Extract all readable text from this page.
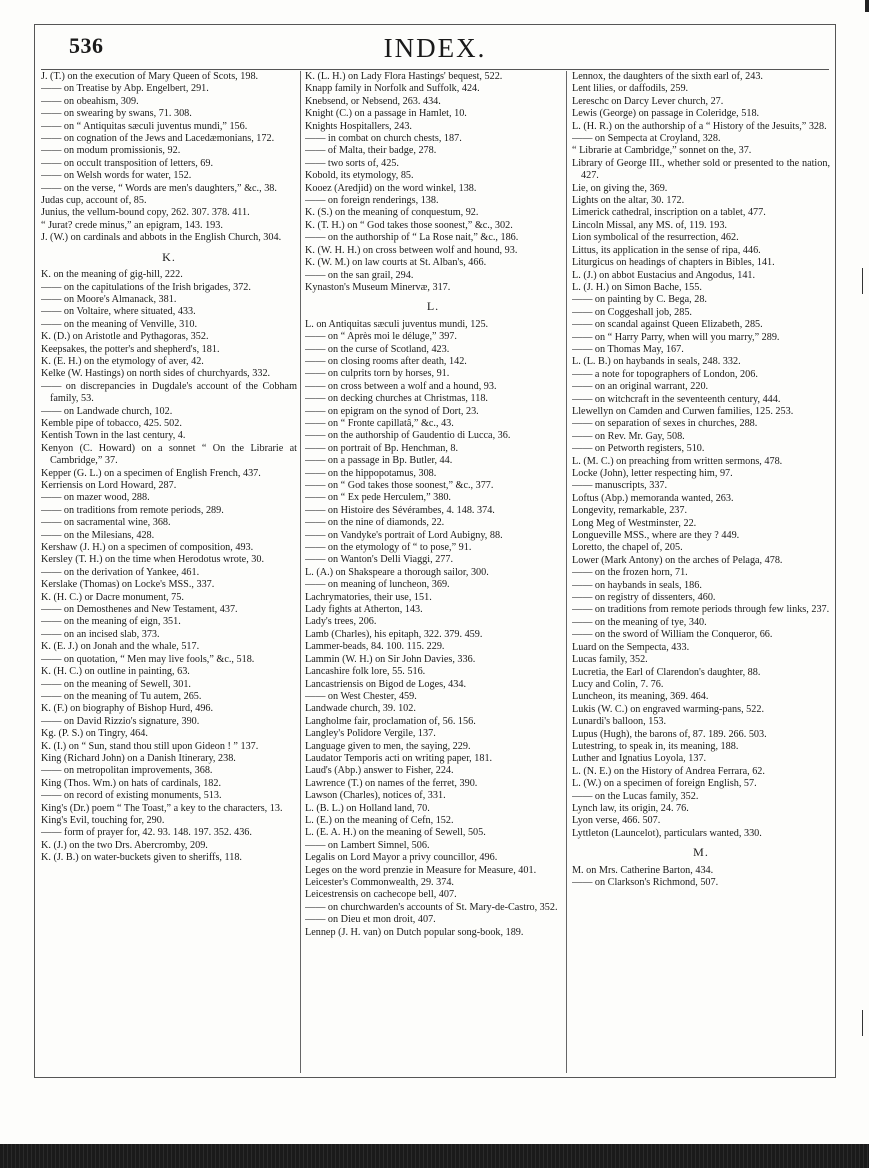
536	INDEX.
J. (T.) on the execution of Mary Queen of Scots, 198.
—— on Treatise by Abp. Engelbert, 291.
—— on obeahism, 309.
—— on swearing by swans, 71. 308.
—— on “ Antiquitas sæculi juventus mundi,” 156.
—— on cognation of the Jews and Lacedæmonians, 172.
—— on modum promissionis, 92.
—— on occult transposition of letters, 69.
—— on Welsh words for water, 152.
—— on the verse, “ Words are men's daughters,” &c., 38.
Judas cup, account of, 85.
Junius, the vellum-bound copy, 262. 307. 378. 411.
“ Jurat? crede minus,” an epigram, 143. 193.
J. (W.) on cardinals and abbots in the English Church, 304.
K.
K. on the meaning of gig-hill, 222.
—— on the capitulations of the Irish brigades, 372.
—— on Moore's Almanack, 381.
—— on Voltaire, where situated, 433.
—— on the meaning of Venville, 310.
K. (D.) on Aristotle and Pythagoras, 352.
Keepsakes, the potter's and shepherd's, 181.
K. (E. H.) on the etymology of aver, 42.
Kelke (W. Hastings) on north sides of churchyards, 332.
—— on discrepancies in Dugdale's account of the Cobham family, 53.
—— on Landwade church, 102.
Kemble pipe of tobacco, 425. 502.
Kentish Town in the last century, 4.
Kenyon (C. Howard) on a sonnet “ On the Librarie at Cambridge,” 37.
Kepper (G. L.) on a specimen of English French, 437.
Kerriensis on Lord Howard, 287.
—— on mazer wood, 288.
—— on traditions from remote periods, 289.
—— on sacramental wine, 368.
—— on the Milesians, 428.
Kershaw (J. H.) on a specimen of composition, 493.
Kersley (T. H.) on the time when Herodotus wrote, 30.
—— on the derivation of Yankee, 461.
Kerslake (Thomas) on Locke's MSS., 337.
K. (H. C.) or Dacre monument, 75.
—— on Demosthenes and New Testament, 437.
—— on the meaning of eign, 351.
—— on an incised slab, 373.
K. (E. J.) on Jonah and the whale, 517.
—— on quotation, “ Men may live fools,” &c., 518.
K. (H. C.) on outline in painting, 63.
—— on the meaning of Sewell, 301.
—— on the meaning of Tu autem, 265.
K. (F.) on biography of Bishop Hurd, 496.
—— on David Rizzio's signature, 390.
Kg. (P. S.) on Tingry, 464.
K. (I.) on “ Sun, stand thou still upon Gideon ! ” 137.
King (Richard John) on a Danish Itinerary, 238.
—— on metropolitan improvements, 368.
King (Thos. Wm.) on hats of cardinals, 182.
—— on record of existing monuments, 513.
King's (Dr.) poem “ The Toast,” a key to the characters, 13.
King's Evil, touching for, 290.
—— form of prayer for, 42. 93. 148. 197. 352. 436.
K. (J.) on the two Drs. Abercromby, 209.
K. (J. B.) on water-buckets given to sheriffs, 118.
K. (L. H.) on Lady Flora Hastings' bequest, 522.
Knapp family in Norfolk and Suffolk, 424.
Knebsend, or Nebsend, 263. 434.
Knight (C.) on a passage in Hamlet, 10.
Knights Hospitallers, 243.
—— in combat on church chests, 187.
—— of Malta, their badge, 278.
—— two sorts of, 425.
Kobold, its etymology, 85.
Kooez (Aredjid) on the word winkel, 138.
—— on foreign renderings, 138.
K. (S.) on the meaning of conquestum, 92.
K. (T. H.) on “ God takes those soonest,” &c., 302.
—— on the authorship of “ La Rose nait,” &c., 186.
K. (W. H. H.) on cross between wolf and hound, 93.
K. (W. M.) on law courts at St. Alban's, 466.
—— on the san grail, 294.
Kynaston's Museum Minervæ, 317.
L.
L. on Antiquitas sæculi juventus mundi, 125.
—— on “ Après moi le déluge,” 397.
—— on the curse of Scotland, 423.
—— on closing rooms after death, 142.
—— on culprits torn by horses, 91.
—— on cross between a wolf and a hound, 93.
—— on decking churches at Christmas, 118.
—— on epigram on the synod of Dort, 23.
—— on “ Fronte capillatâ,” &c., 43.
—— on the authorship of Gaudentio di Lucca, 36.
—— on portrait of Bp. Henchman, 8.
—— on a passage in Bp. Butler, 44.
—— on the hippopotamus, 308.
—— on “ God takes those soonest,” &c., 377.
—— on “ Ex pede Herculem,” 380.
—— on Histoire des Sévérambes, 4. 148. 374.
—— on the nine of diamonds, 22.
—— on Vandyke's portrait of Lord Aubigny, 88.
—— on the etymology of “ to pose,” 91.
—— on Wanton's Delli Viaggi, 277.
L. (A.) on Shakspeare a thorough sailor, 300.
—— on meaning of luncheon, 369.
Lachrymatories, their use, 151.
Lady fights at Atherton, 143.
Lady's trees, 206.
Lamb (Charles), his epitaph, 322. 379. 459.
Lammer-beads, 84. 100. 115. 229.
Lammin (W. H.) on Sir John Davies, 336.
Lancashire folk lore, 55. 516.
Lancastriensis on Bigod de Loges, 434.
—— on West Chester, 459.
Landwade church, 39. 102.
Langholme fair, proclamation of, 56. 156.
Langley's Polidore Vergile, 137.
Language given to men, the saying, 229.
Laudator Temporis acti on writing paper, 181.
Laud's (Abp.) answer to Fisher, 224.
Lawrence (T.) on names of the ferret, 390.
Lawson (Charles), notices of, 331.
L. (B. L.) on Holland land, 70.
L. (E.) on the meaning of Cefn, 152.
L. (E. A. H.) on the meaning of Sewell, 505.
—— on Lambert Simnel, 506.
Legalis on Lord Mayor a privy councillor, 496.
Leges on the word prenzie in Measure for Measure, 401.
Leicester's Commonwealth, 29. 374.
Leicestrensis on cachecope bell, 407.
—— on churchwarden's accounts of St. Mary-de-Castro, 352.
—— on Dieu et mon droit, 407.
Lennep (J. H. van) on Dutch popular song-book, 189.
Lennox, the daughters of the sixth earl of, 243.
Lent lilies, or daffodils, 259.
Lereschc on Darcy Lever church, 27.
Lewis (George) on passage in Coleridge, 518.
L. (H. R.) on the authorship of a “ History of the Jesuits,” 328.
—— on Sempecta at Croyland, 328.
“ Librarie at Cambridge,” sonnet on the, 37.
Library of George III., whether sold or presented to the nation, 427.
Lie, on giving the, 369.
Lights on the altar, 30. 172.
Limerick cathedral, inscription on a tablet, 477.
Lincoln Missal, any MS. of, 119. 193.
Lion symbolical of the resurrection, 462.
Littus, its application in the sense of ripa, 446.
Liturgicus on headings of chapters in Bibles, 141.
L. (J.) on abbot Eustacius and Angodus, 141.
L. (J. H.) on Simon Bache, 155.
—— on painting by C. Bega, 28.
—— on Coggeshall job, 285.
—— on scandal against Queen Elizabeth, 285.
—— on “ Harry Parry, when will you marry,” 289.
—— on Thomas May, 167.
L. (L. B.) on haybands in seals, 248. 332.
—— a note for topographers of London, 206.
—— on an original warrant, 220.
—— on witchcraft in the seventeenth century, 444.
Llewellyn on Camden and Curwen families, 125. 253.
—— on separation of sexes in churches, 288.
—— on Rev. Mr. Gay, 508.
—— on Petworth registers, 510.
L. (M. C.) on preaching from written sermons, 478.
Locke (John), letter respecting him, 97.
—— manuscripts, 337.
Loftus (Abp.) memoranda wanted, 263.
Longevity, remarkable, 237.
Long Meg of Westminster, 22.
Longueville MSS., where are they ? 449.
Loretto, the chapel of, 205.
Lower (Mark Antony) on the arches of Pelaga, 478.
—— on the frozen horn, 71.
—— on haybands in seals, 186.
—— on registry of dissenters, 460.
—— on traditions from remote periods through few links, 237.
—— on the meaning of tye, 340.
—— on the sword of William the Conqueror, 66.
Luard on the Sempecta, 433.
Lucas family, 352.
Lucretia, the Earl of Clarendon's daughter, 88.
Lucy and Colin, 7. 76.
Luncheon, its meaning, 369. 464.
Lukis (W. C.) on engraved warming-pans, 522.
Lunardi's balloon, 153.
Lupus (Hugh), the barons of, 87. 189. 266. 503.
Lutestring, to speak in, its meaning, 188.
Luther and Ignatius Loyola, 137.
L. (N. E.) on the History of Andrea Ferrara, 62.
L. (W.) on a specimen of foreign English, 57.
—— on the Lucas family, 352.
Lynch law, its origin, 24. 76.
Lyon verse, 466. 507.
Lyttleton (Launcelot), particulars wanted, 330.
M.
M. on Mrs. Catherine Barton, 434.
—— on Clarkson's Richmond, 507.
